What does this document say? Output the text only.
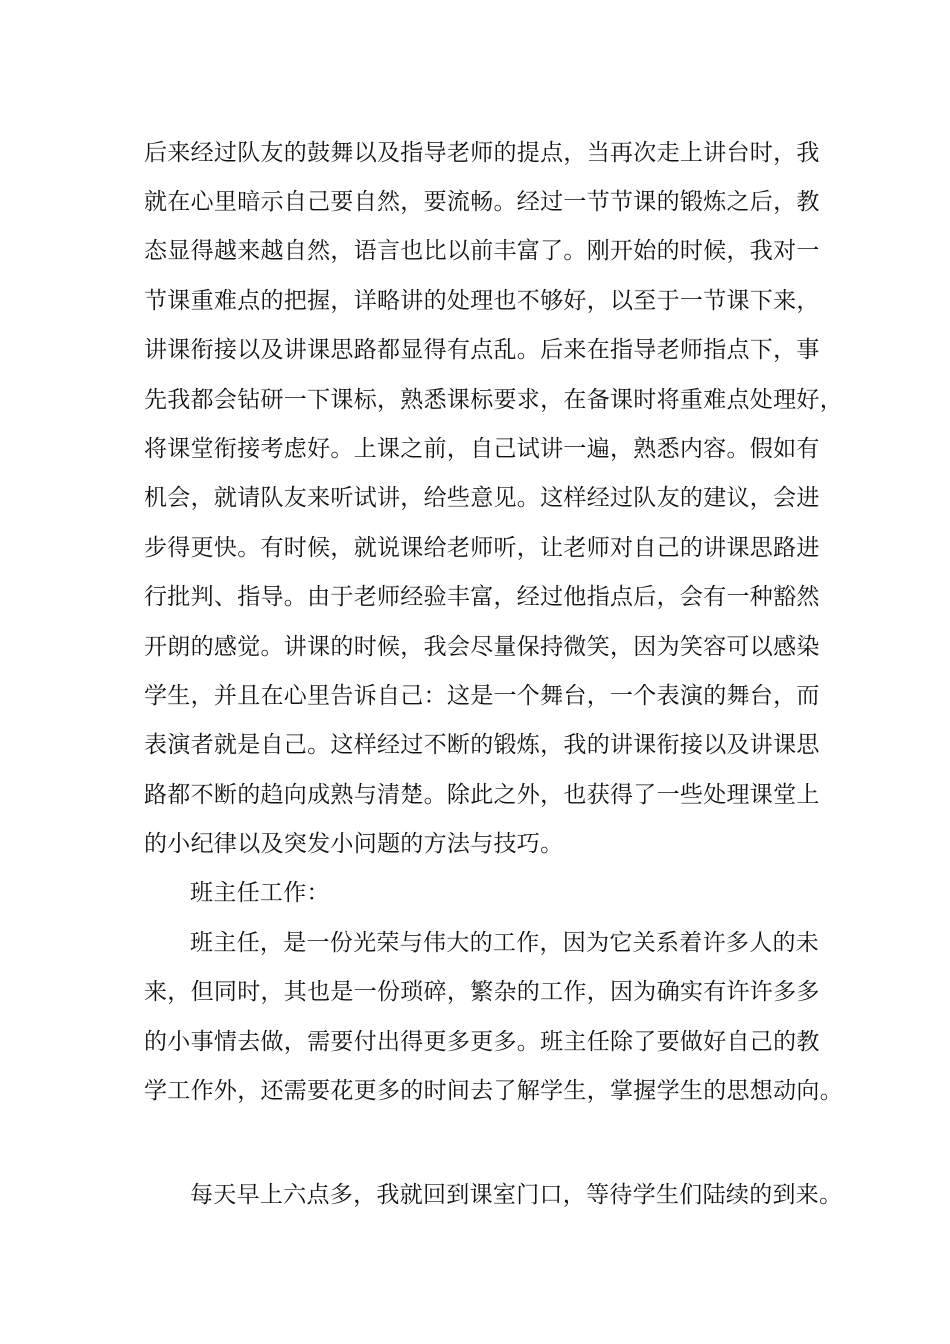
后来经过队友的鼓舞以及指导老师的提点，当再次走上讲台时，我
就在心里暗示自己要自然，要流畅。经过一节节课的锻炼之后，教
态显得越来越自然，语言也比以前丰富了。刚开始的时候，我对一
节课重难点的把握，详略讲的处理也不够好，以至于一节课下来，
讲课衔接以及讲课思路都显得有点乱。后来在指导老师指点下，事
先我都会钻研一下课标，熟悉课标要求，在备课时将重难点处理好，
将课堂衔接考虑好。上课之前，自己试讲一遍，熟悉内容。假如有
机会，就请队友来听试讲，给些意见。这样经过队友的建议，会进
步得更快。有时候，就说课给老师听，让老师对自己的讲课思路进
行批判、指导。由于老师经验丰富，经过他指点后，会有一种豁然
开朗的感觉。讲课的时候，我会尽量保持微笑，因为笑容可以感染
学生，并且在心里告诉自己：这是一个舞台，一个表演的舞台，而
表演者就是自己。这样经过不断的锻炼，我的讲课衔接以及讲课思
路都不断的趋向成熟与清楚。除此之外，也获得了一些处理课堂上
的小纪律以及突发小问题的方法与技巧。
班主任工作：
班主任，是一份光荣与伟大的工作，因为它关系着许多人的未
来，但同时，其也是一份琐碎，繁杂的工作，因为确实有许许多多
的小事情去做，需要付出得更多更多。班主任除了要做好自己的教
学工作外，还需要花更多的时间去了解学生，掌握学生的思想动向。
每天早上六点多，我就回到课室门口，等待学生们陆续的到来。
